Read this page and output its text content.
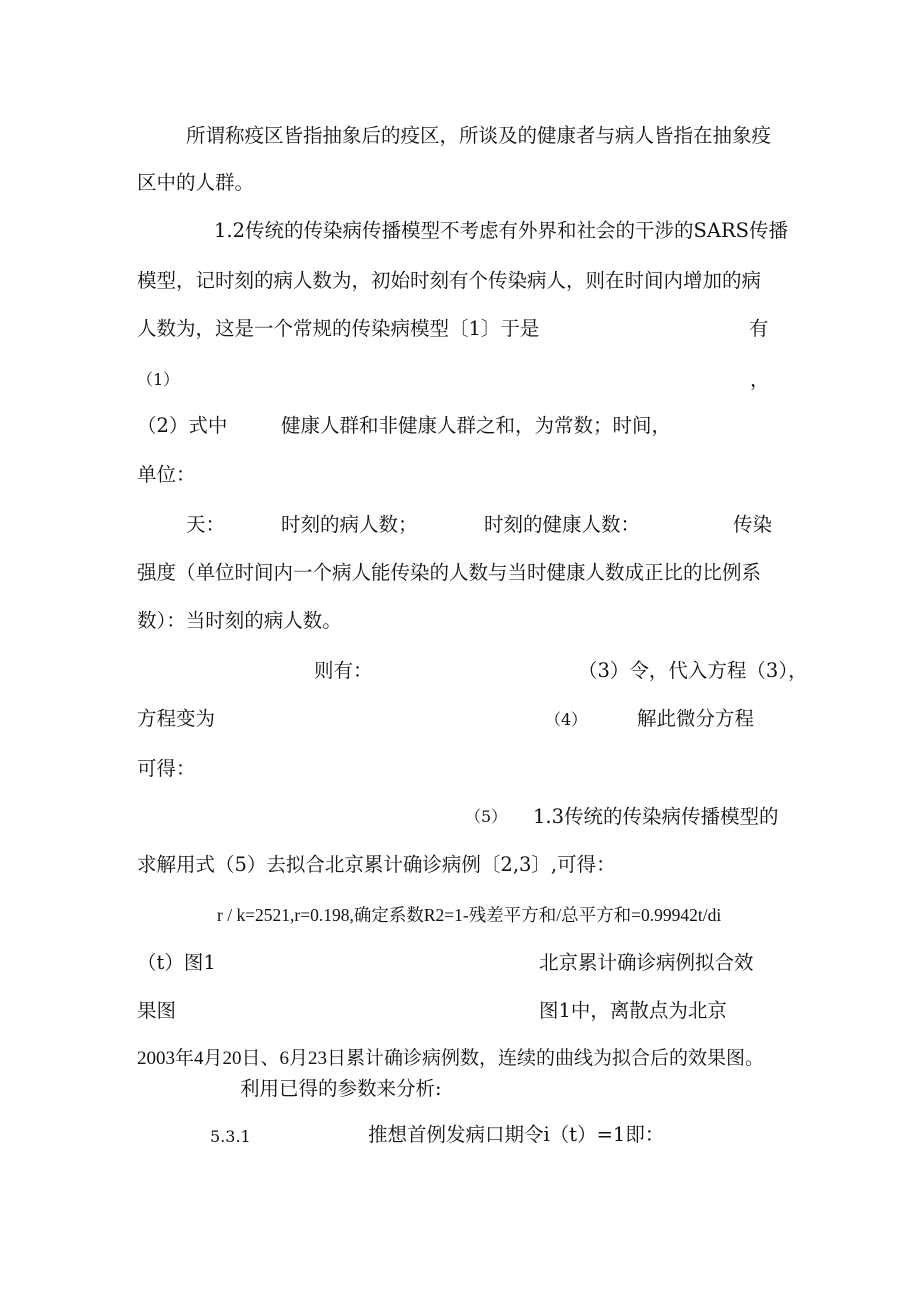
所谓称疫区皆指抽象后的疫区，所谈及的健康者与病人皆指在抽象疫
区中的人群。
1.2传统的传染病传播模型不考虑有外界和社会的干涉的SARS传播
模型，记时刻的病人数为，初始时刻有个传染病人，则在时间内增加的病
人数为，这是一个常规的传染病模型〔1〕于是	有
（1）	，
（2）式中	健康人群和非健康人群之和，为常数；时间，
单位：
天：	时刻的病人数；	时刻的健康人数：	传染
强度（单位时间内一个病人能传染的人数与当时健康人数成正比的比例系
数）：当时刻的病人数。
则有：	（3）令，代入方程（3），
方程变为	（4）	解此微分方程
可得：
（5） 1.3传统的传染病传播模型的
求解用式（5）去拟合北京累计确诊病例〔2,3〕,可得：
r / k=2521,r=0.198,确定系数R2=1-残差平方和/总平方和=0.99942t/di
（t）图1	北京累计确诊病例拟合效
果图	图1中，离散点为北京
2003年4月20日、6月23日累计确诊病例数，连续的曲线为拟合后的效果图。
利用已得的参数来分析:
5.3.1	推想首例发病口期令i（t）=1即：
